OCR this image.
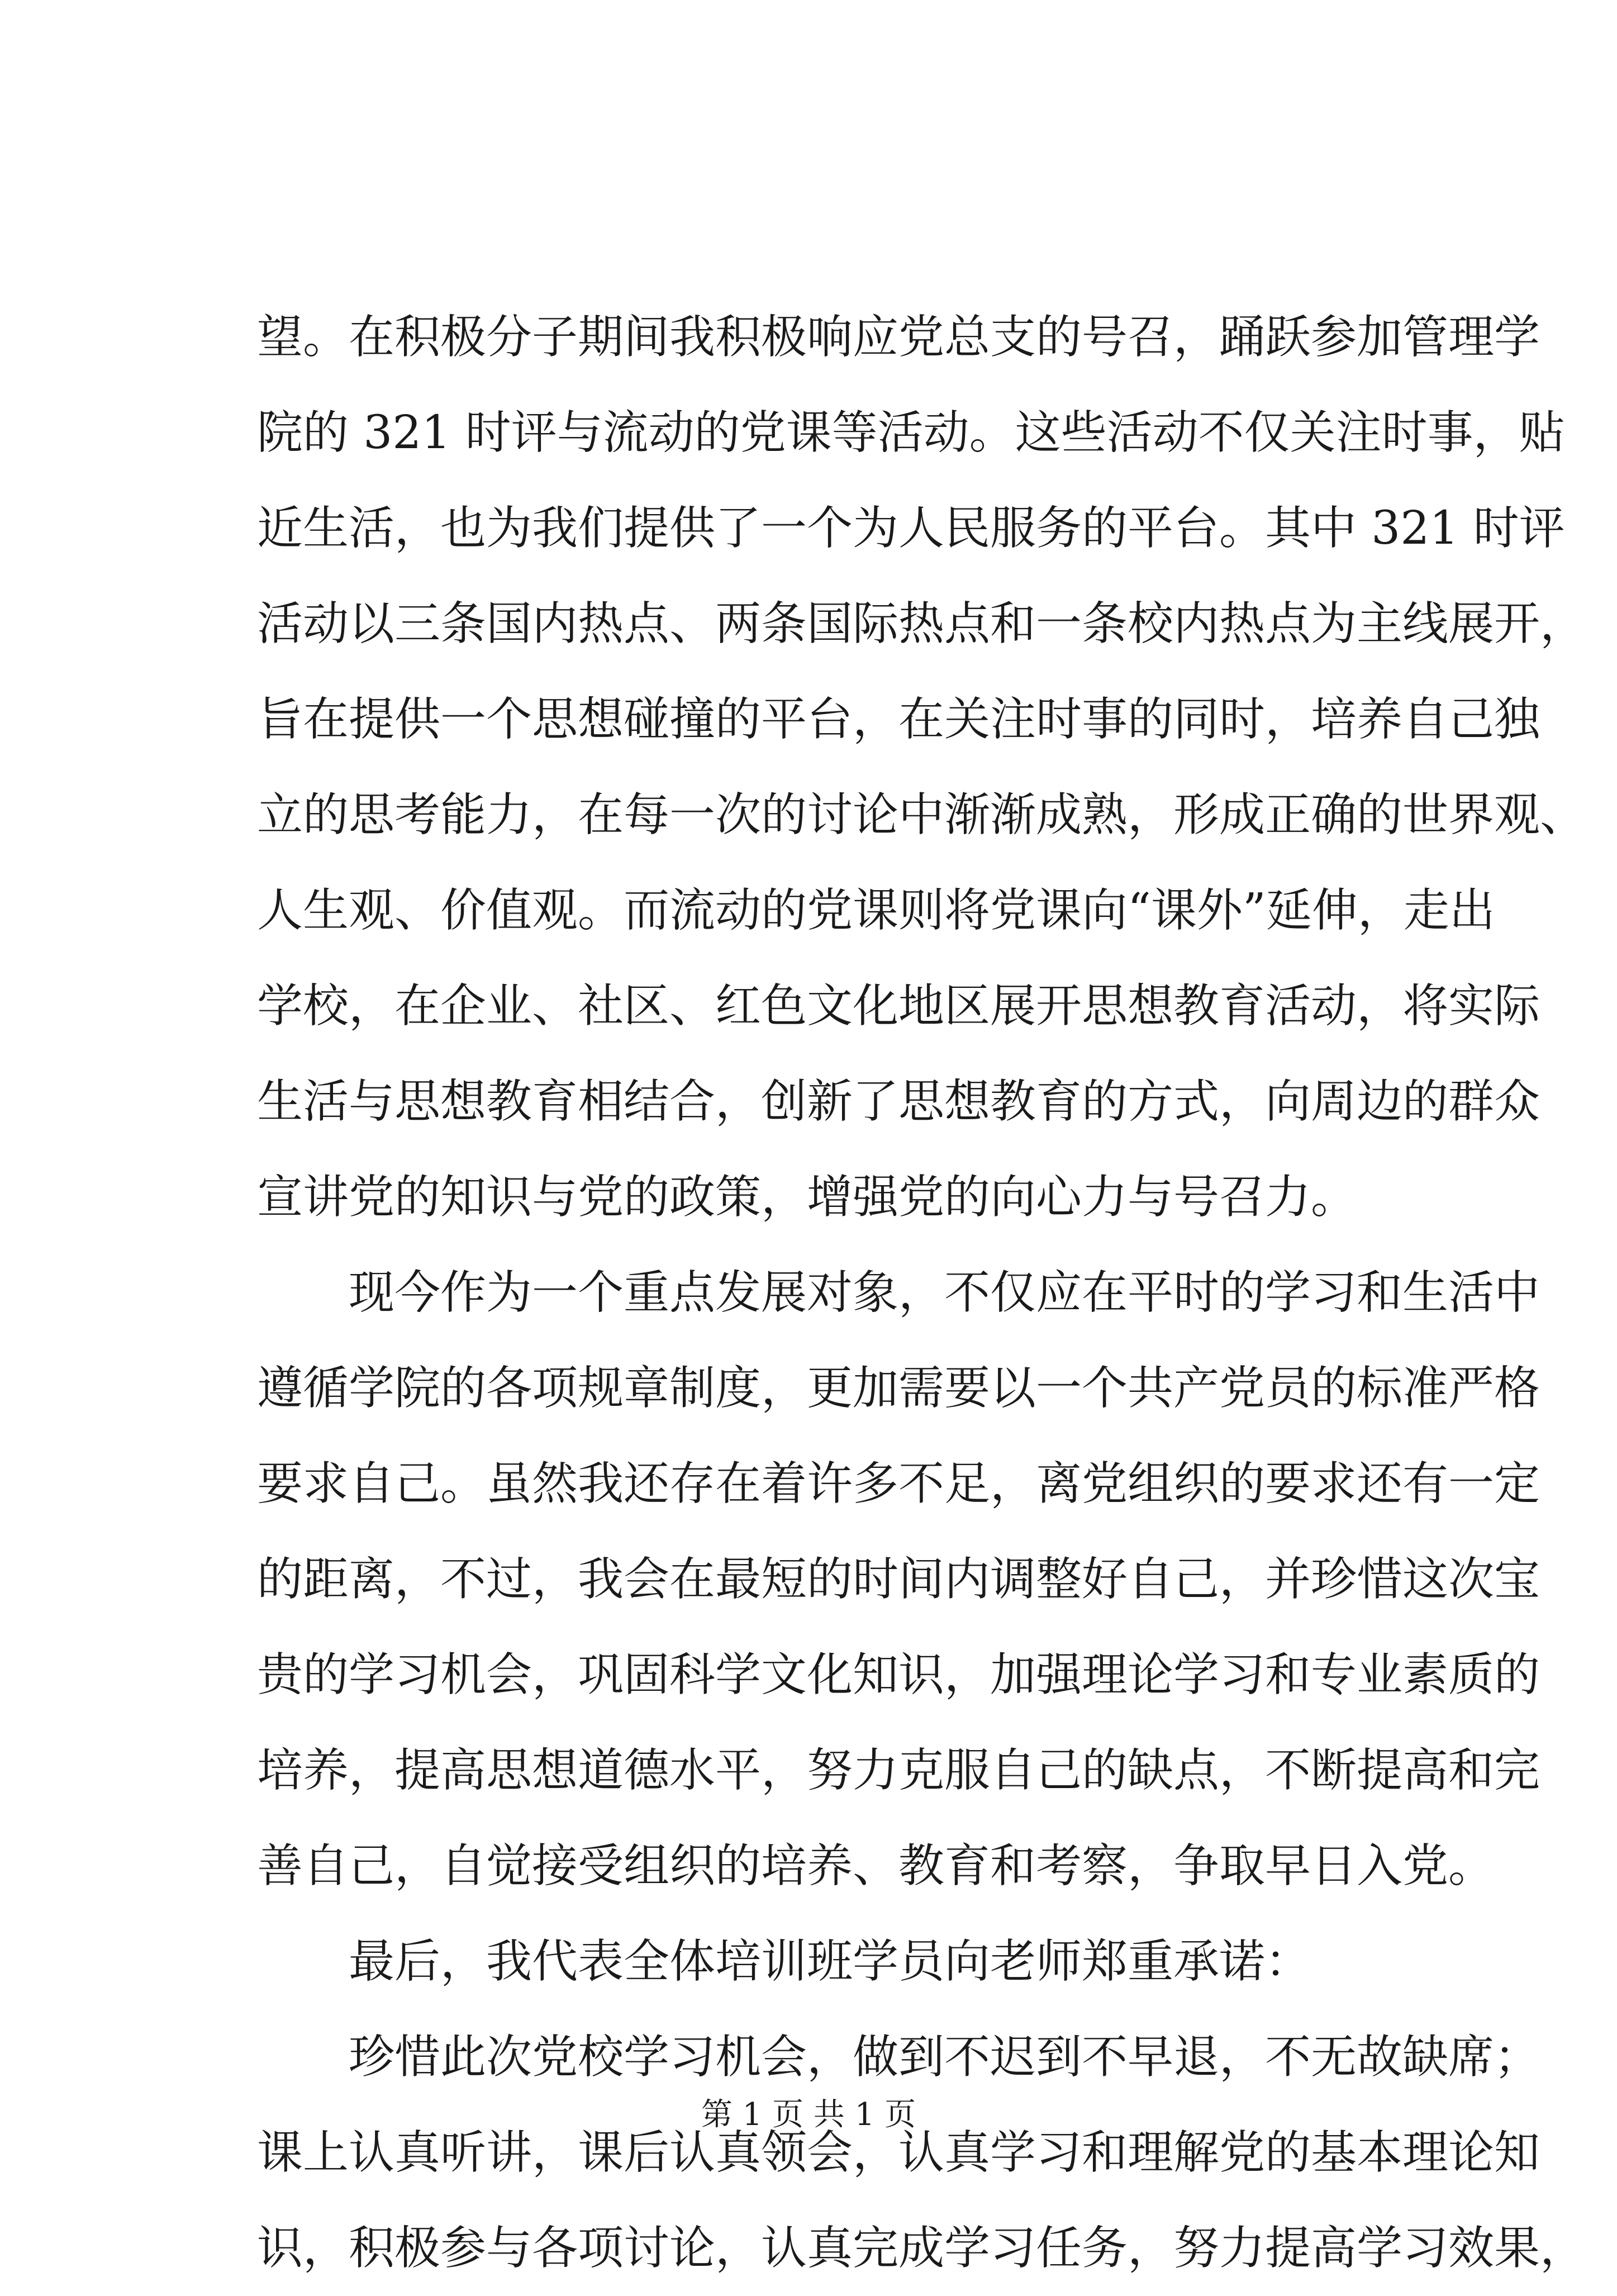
望。在积极分子期间我积极响应党总支的号召，踊跃参加管理学
院的 321 时评与流动的党课等活动。这些活动不仅关注时事，贴
近生活，也为我们提供了一个为人民服务的平台。其中 321 时评
活动以三条国内热点、两条国际热点和一条校内热点为主线展开，
旨在提供一个思想碰撞的平台，在关注时事的同时，培养自己独
立的思考能力，在每一次的讨论中渐渐成熟，形成正确的世界观、
人生观、价值观。而流动的党课则将党课向“课外”延伸，走出
学校，在企业、社区、红色文化地区展开思想教育活动，将实际
生活与思想教育相结合，创新了思想教育的方式，向周边的群众
宣讲党的知识与党的政策，增强党的向心力与号召力。
现今作为一个重点发展对象，不仅应在平时的学习和生活中
遵循学院的各项规章制度，更加需要以一个共产党员的标准严格
要求自己。虽然我还存在着许多不足，离党组织的要求还有一定
的距离，不过，我会在最短的时间内调整好自己，并珍惜这次宝
贵的学习机会，巩固科学文化知识，加强理论学习和专业素质的
培养，提高思想道德水平，努力克服自己的缺点，不断提高和完
善自己，自觉接受组织的培养、教育和考察，争取早日入党。
最后，我代表全体培训班学员向老师郑重承诺：
珍惜此次党校学习机会，做到不迟到不早退，不无故缺席；
课上认真听讲，课后认真领会，认真学习和理解党的基本理论知
识，积极参与各项讨论，认真完成学习任务，努力提高学习效果，
第 1 页 共 1 页
